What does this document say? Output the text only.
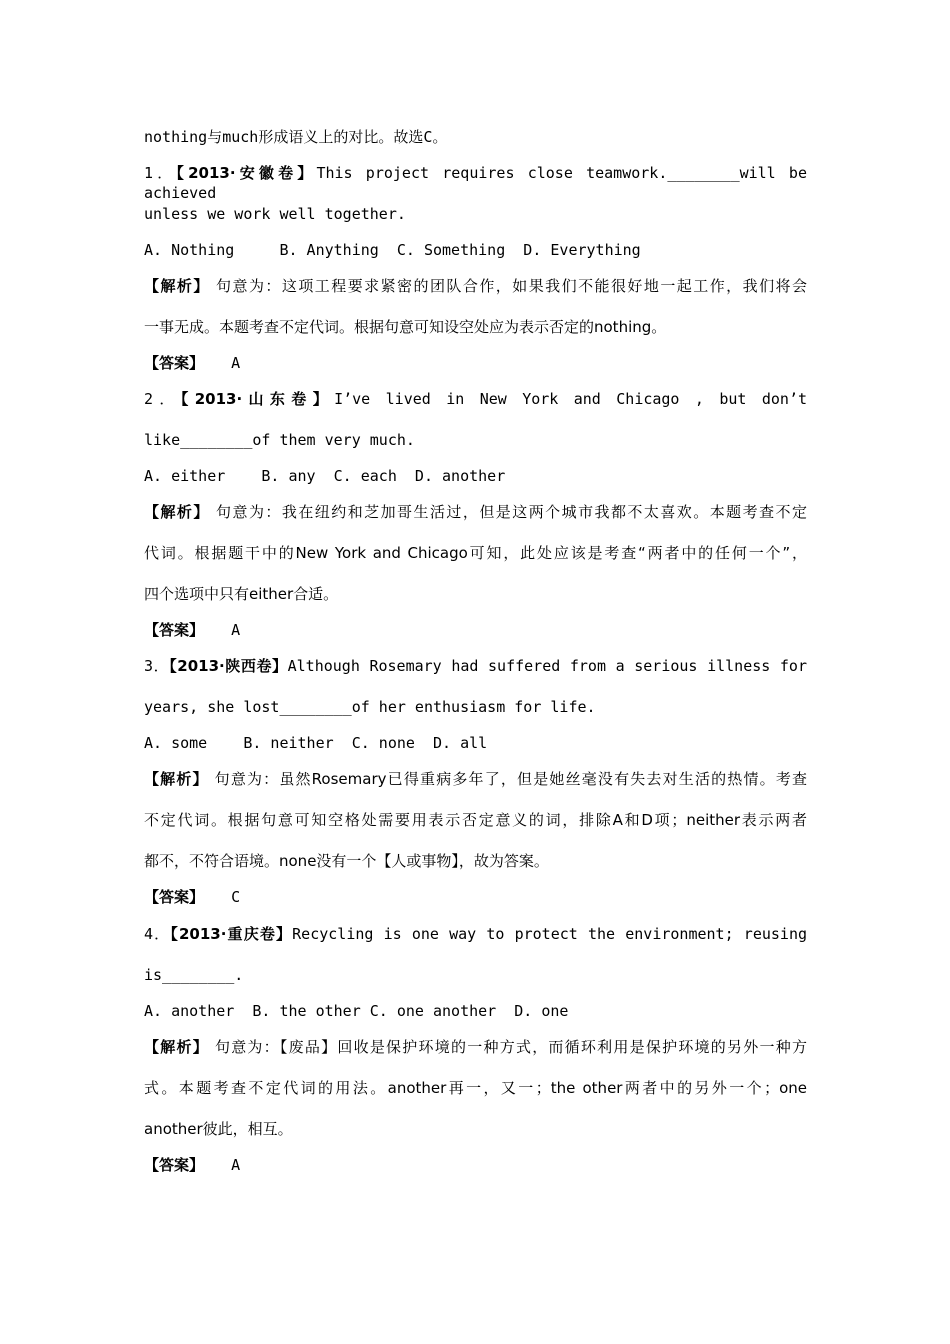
nothing与much形成语义上的对比。故选C。
1．【2013·安徽卷】This project requires close teamwork.________will be achieved
unless we work well together.
A. Nothing     B. Anything  C. Something  D. Everything
【解析】 句意为：这项工程要求紧密的团队合作，如果我们不能很好地一起工作，我们将会
一事无成。本题考查不定代词。根据句意可知设空处应为表示否定的nothing。
【答案】 A
2．【2013·山东卷】I’ve lived in New York and Chicago , but don’t
like________of them very much.
A. either    B. any  C. each  D. another
【解析】 句意为：我在纽约和芝加哥生活过，但是这两个城市我都不太喜欢。本题考查不定
代词。根据题干中的New York and Chicago可知，此处应该是考查“两者中的任何一个”，
四个选项中只有either合适。
【答案】 A
3．【2013·陕西卷】Although Rosemary had suffered from a serious illness for
years, she lost________of her enthusiasm for life.
A. some    B. neither  C. none  D. all
【解析】 句意为：虽然Rosemary已得重病多年了，但是她丝毫没有失去对生活的热情。考查
不定代词。根据句意可知空格处需要用表示否定意义的词，排除A和D项；neither表示两者
都不，不符合语境。none没有一个【人或事物】，故为答案。
【答案】 C
4．【2013·重庆卷】Recycling is one way to protect the environment; reusing
is________.
A. another  B. the other C. one another  D. one
【解析】 句意为：【废品】回收是保护环境的一种方式，而循环利用是保护环境的另外一种方
式。本题考查不定代词的用法。another再一，又一；the other两者中的另外一个；one
another彼此，相互。
【答案】 A
